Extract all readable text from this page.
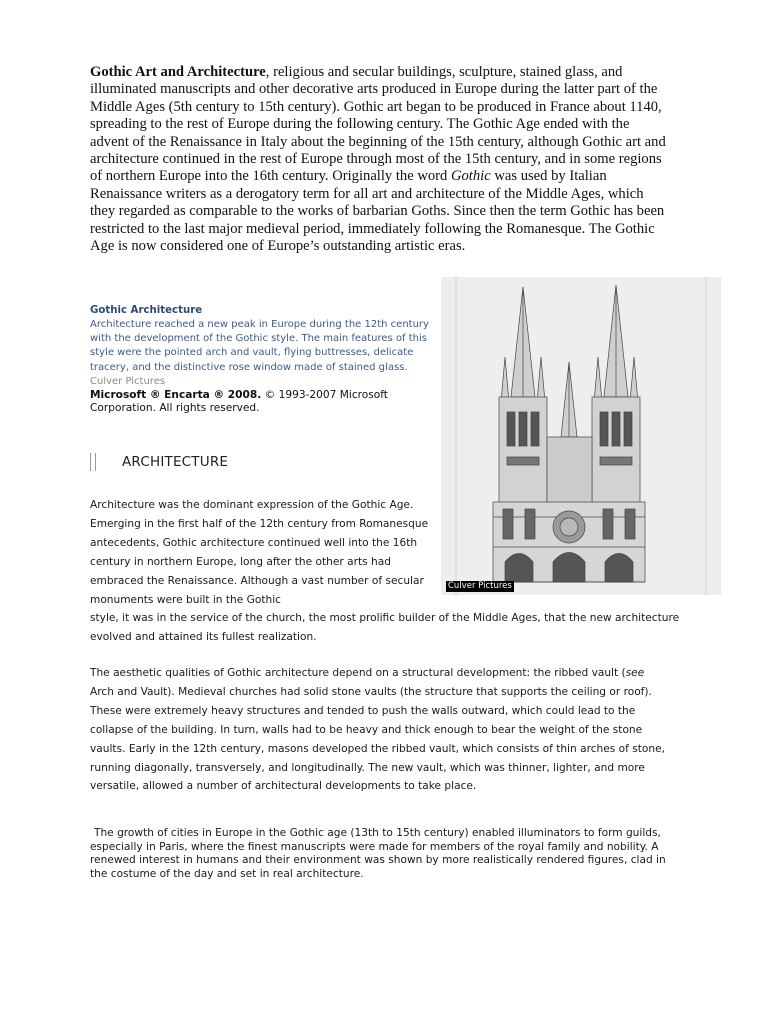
Gothic Art and Architecture, religious and secular buildings, sculpture, stained glass, and illuminated manuscripts and other decorative arts produced in Europe during the latter part of the Middle Ages (5th century to 15th century). Gothic art began to be produced in France about 1140, spreading to the rest of Europe during the following century. The Gothic Age ended with the advent of the Renaissance in Italy about the beginning of the 15th century, although Gothic art and architecture continued in the rest of Europe through most of the 15th century, and in some regions of northern Europe into the 16th century. Originally the word Gothic was used by Italian Renaissance writers as a derogatory term for all art and architecture of the Middle Ages, which they regarded as comparable to the works of barbarian Goths. Since then the term Gothic has been restricted to the last major medieval period, immediately following the Romanesque. The Gothic Age is now considered one of Europe’s outstanding artistic eras.

Gothic Architecture

Architecture reached a new peak in Europe during the 12th century with the development of the Gothic style. The main features of this style were the pointed arch and vault, flying buttresses, delicate tracery, and the distinctive rose window made of stained glass.

Culver Pictures
Microsoft ® Encarta ® 2008. © 1993-2007 Microsoft Corporation. All rights reserved.
Culver Pictures
ARCHITECTURE

Architecture was the dominant expression of the Gothic Age. Emerging in the first half of the 12th century from Romanesque antecedents, Gothic architecture continued well into the 16th century in northern Europe, long after the other arts had embraced the Renaissance. Although a vast number of secular monuments were built in the Gothic

style, it was in the service of the church, the most prolific builder of the Middle Ages, that the new architecture evolved and attained its fullest realization.

The aesthetic qualities of Gothic architecture depend on a structural development: the ribbed vault (see Arch and Vault). Medieval churches had solid stone vaults (the structure that supports the ceiling or roof). These were extremely heavy structures and tended to push the walls outward, which could lead to the collapse of the building. In turn, walls had to be heavy and thick enough to bear the weight of the stone vaults. Early in the 12th century, masons developed the ribbed vault, which consists of thin arches of stone, running diagonally, transversely, and longitudinally. The new vault, which was thinner, lighter, and more versatile, allowed a number of architectural developments to take place.

The growth of cities in Europe in the Gothic age (13th to 15th century) enabled illuminators to form guilds, especially in Paris, where the finest manuscripts were made for members of the royal family and nobility. A renewed interest in humans and their environment was shown by more realistically rendered figures, clad in the costume of the day and set in real architecture.
